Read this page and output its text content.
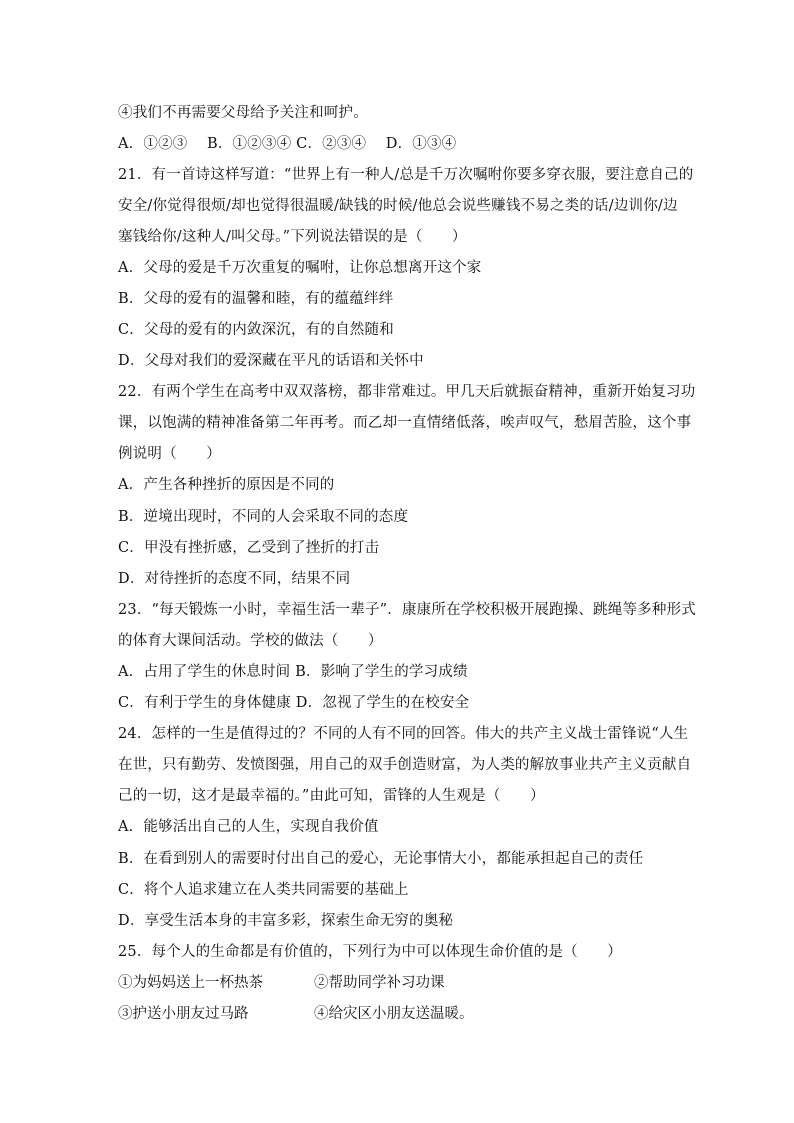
④我们不再需要父母给予关注和呵护。
A．①②③　 B．①②③④ C．②③④　 D．①③④
21．有一首诗这样写道：“世界上有一种人/总是千万次嘱咐你要多穿衣服，要注意自己的
安全/你觉得很烦/却也觉得很温暖/缺钱的时候/他总会说些赚钱不易之类的话/边训你/边
塞钱给你/这种人/叫父母。”下列说法错误的是（　　）
A．父母的爱是千万次重复的嘱咐，让你总想离开这个家
B．父母的爱有的温馨和睦，有的蕴蕴绊绊
C．父母的爱有的内敛深沉，有的自然随和
D．父母对我们的爱深藏在平凡的话语和关怀中
22．有两个学生在高考中双双落榜，都非常难过。甲几天后就振奋精神，重新开始复习功
课，以饱满的精神准备第二年再考。而乙却一直情绪低落，唉声叹气，愁眉苦脸，这个事
例说明（　　）
A．产生各种挫折的原因是不同的
B．逆境出现时，不同的人会采取不同的态度
C．甲没有挫折感，乙受到了挫折的打击
D．对待挫折的态度不同，结果不同
23．“每天锻炼一小时，幸福生活一辈子”．康康所在学校积极开展跑操、跳绳等多种形式
的体育大课间活动。学校的做法（　　）
A．占用了学生的休息时间 B．影响了学生的学习成绩
C．有利于学生的身体健康 D．忽视了学生的在校安全
24．怎样的一生是值得过的？不同的人有不同的回答。伟大的共产主义战士雷锋说“人生
在世，只有勤劳、发愤图强，用自己的双手创造财富，为人类的解放事业共产主义贡献自
己的一切，这才是最幸福的。”由此可知，雷锋的人生观是（　　）
A．能够活出自己的人生，实现自我价值
B．在看到别人的需要时付出自己的爱心，无论事情大小，都能承担起自己的责任
C．将个人追求建立在人类共同需要的基础上
D．享受生活本身的丰富多彩，探索生命无穷的奥秘
25．每个人的生命都是有价值的，下列行为中可以体现生命价值的是（　　）
①为妈妈送上一杯热茶	②帮助同学补习功课
③护送小朋友过马路	④给灾区小朋友送温暖。
